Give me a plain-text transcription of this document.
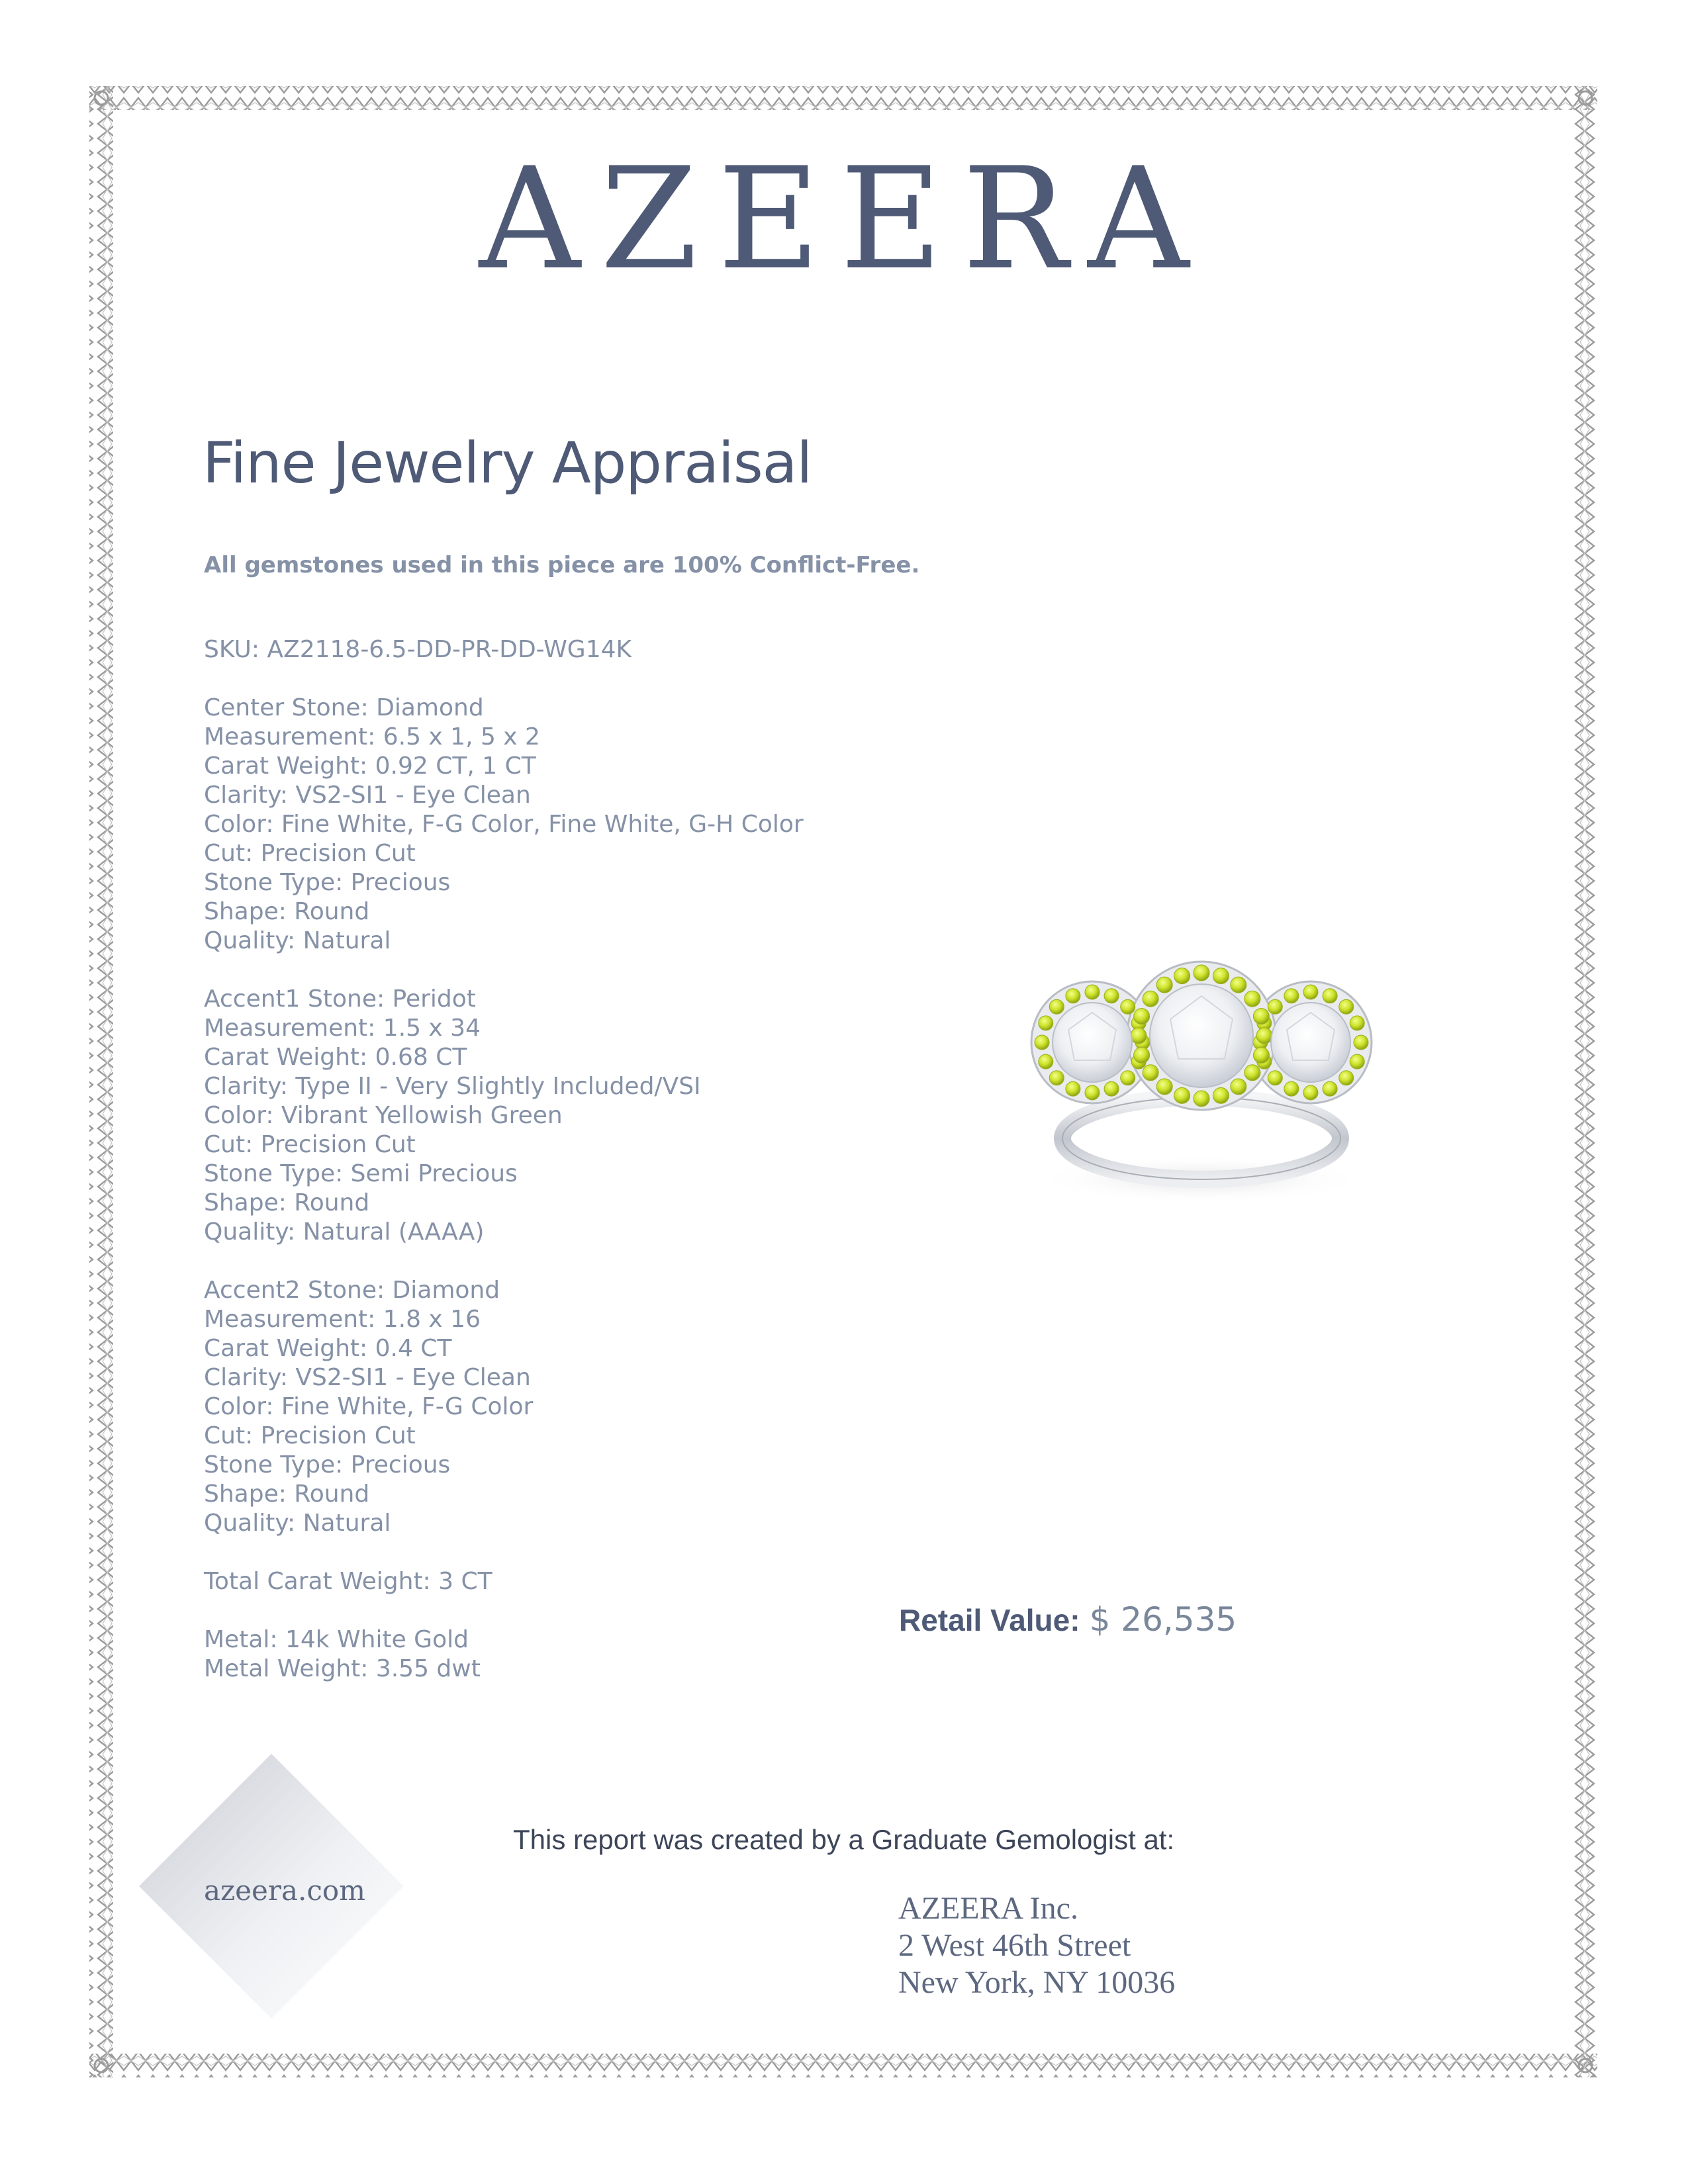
AZEERA
Fine Jewelry Appraisal
All gemstones used in this piece are 100% Conflict-Free.
SKU: AZ2118-6.5-DD-PR-DD-WG14K
Center Stone: Diamond
Measurement: 6.5 x 1, 5 x 2
Carat Weight: 0.92 CT, 1 CT
Clarity: VS2-SI1 - Eye Clean
Color: Fine White, F-G Color, Fine White, G-H Color
Cut: Precision Cut
Stone Type: Precious
Shape: Round
Quality: Natural
Accent1 Stone: Peridot
Measurement: 1.5 x 34
Carat Weight: 0.68 CT
Clarity: Type II - Very Slightly Included/VSI
Color: Vibrant Yellowish Green
Cut: Precision Cut
Stone Type: Semi Precious
Shape: Round
Quality: Natural (AAAA)
Accent2 Stone: Diamond
Measurement: 1.8 x 16
Carat Weight: 0.4 CT
Clarity: VS2-SI1 - Eye Clean
Color: Fine White, F-G Color
Cut: Precision Cut
Stone Type: Precious
Shape: Round
Quality: Natural
Total Carat Weight: 3 CT
Metal: 14k White Gold
Metal Weight: 3.55 dwt
Retail Value: $ 26,535
azeera.com
This report was created by a Graduate Gemologist at:
AZEERA Inc.
2 West 46th Street
New York, NY 10036
